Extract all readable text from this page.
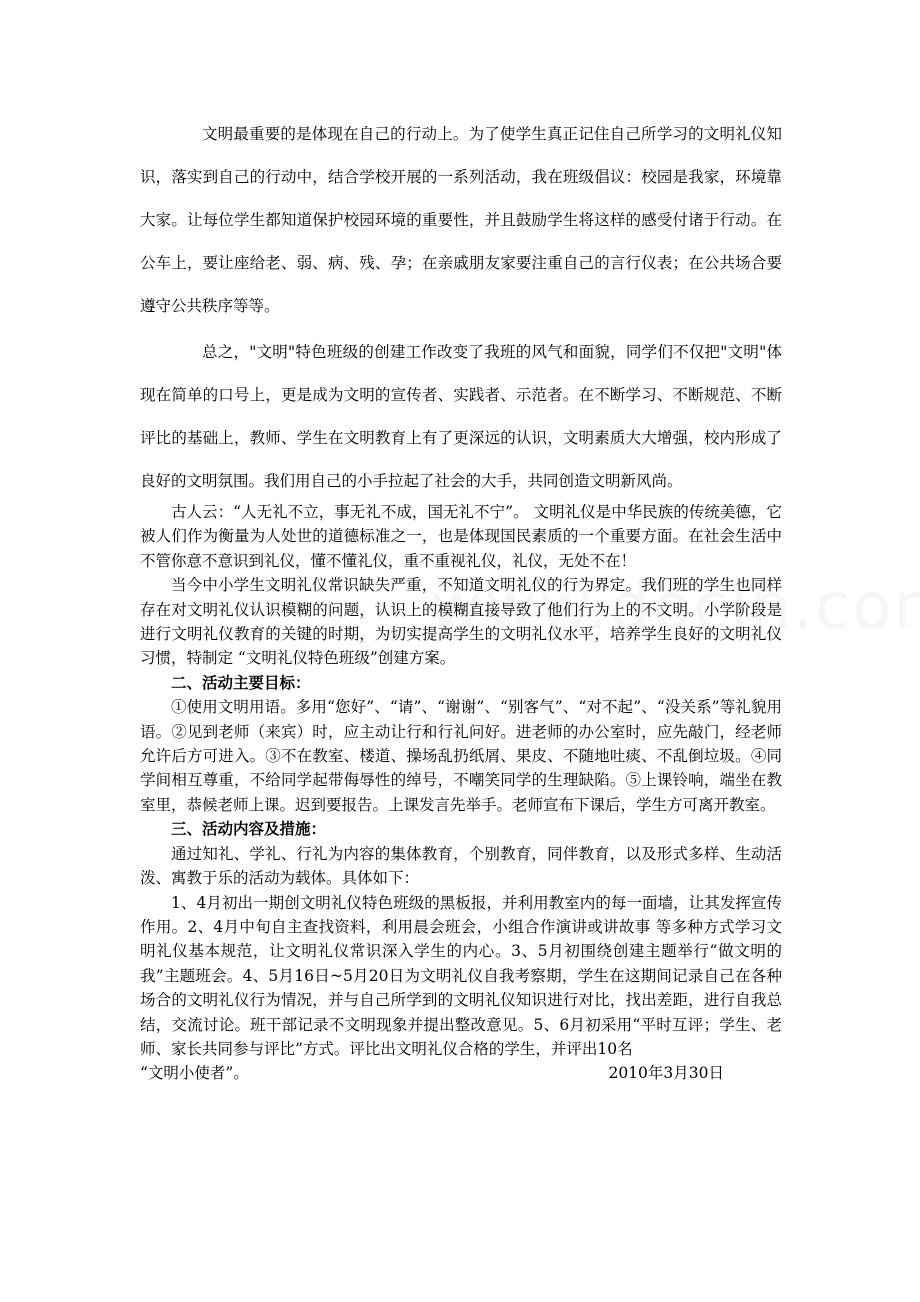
文明最重要的是体现在自己的行动上。为了使学生真正记住自己所学习的文明礼仪知识，落实到自己的行动中，结合学校开展的一系列活动，我在班级倡议：校园是我家，环境靠大家。让每位学生都知道保护校园环境的重要性，并且鼓励学生将这样的感受付诸于行动。在公车上，要让座给老、弱、病、残、孕；在亲戚朋友家要注重自己的言行仪表；在公共场合要遵守公共秩序等等。

总之，"文明"特色班级的创建工作改变了我班的风气和面貌，同学们不仅把"文明"体现在简单的口号上，更是成为文明的宣传者、实践者、示范者。在不断学习、不断规范、不断评比的基础上，教师、学生在文明教育上有了更深远的认识，文明素质大大增强，校内形成了良好的文明氛围。我们用自己的小手拉起了社会的大手，共同创造文明新风尚。

古人云：“人无礼不立，事无礼不成，国无礼不宁”。 文明礼仪是中华民族的传统美德，它被人们作为衡量为人处世的道德标准之一，也是体现国民素质的一个重要方面。在社会生活中不管你意不意识到礼仪，懂不懂礼仪，重不重视礼仪，礼仪，无处不在！

当今中小学生文明礼仪常识缺失严重，不知道文明礼仪的行为界定。我们班的学生也同样存在对文明礼仪认识模糊的问题，认识上的模糊直接导致了他们行为上的不文明。小学阶段是进行文明礼仪教育的关键的时期，为切实提高学生的文明礼仪水平，培养学生良好的文明礼仪习惯，特制定 “文明礼仪特色班级”创建方案。

二、活动主要目标：

①使用文明用语。多用“您好”、“请”、“谢谢”、“别客气”、“对不起”、“没关系”等礼貌用语。②见到老师（来宾）时，应主动让行和行礼问好。进老师的办公室时，应先敲门，经老师允许后方可进入。③不在教室、楼道、操场乱扔纸屑、果皮、不随地吐痰、不乱倒垃圾。④同学间相互尊重，不给同学起带侮辱性的绰号，不嘲笑同学的生理缺陷。⑤上课铃响，端坐在教室里，恭候老师上课。迟到要报告。上课发言先举手。老师宣布下课后，学生方可离开教室。

三、活动内容及措施：

通过知礼、学礼、行礼为内容的集体教育，个别教育，同伴教育，以及形式多样、生动活泼、寓教于乐的活动为载体。具体如下：

1、4月初出一期创文明礼仪特色班级的黑板报，并利用教室内的每一面墙，让其发挥宣传作用。2、4月中旬自主查找资料，利用晨会班会，小组合作演讲或讲故事 等多种方式学习文明礼仪基本规范，让文明礼仪常识深入学生的内心。3、5月初围绕创建主题举行“做文明的我”主题班会。4、5月16日~5月20日为文明礼仪自我考察期，学生在这期间记录自己在各种场合的文明礼仪行为情况，并与自己所学到的文明礼仪知识进行对比，找出差距，进行自我总结，交流讨论。班干部记录不文明现象并提出整改意见。5、6月初采用“平时互评；学生、老师、家长共同参与评比”方式。评比出文明礼仪合格的学生，并评出10名

“文明小使者”。	2010年3月30日
